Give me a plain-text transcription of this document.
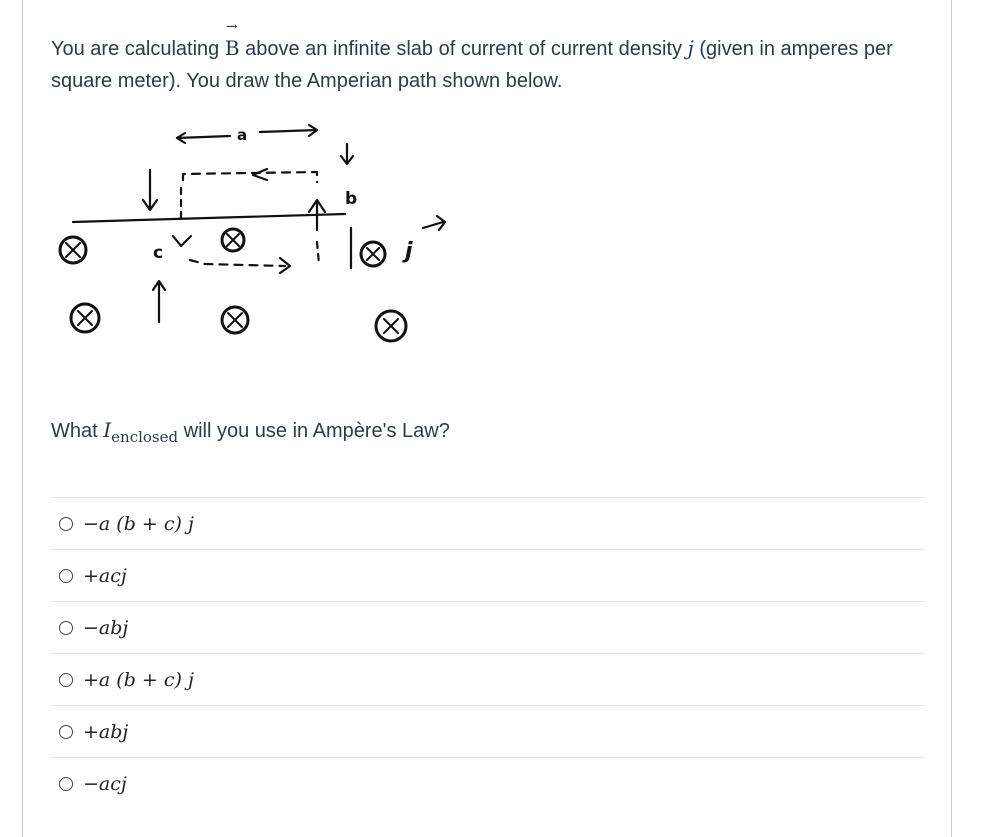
You are calculating
→
B above an infinite slab of current of current density j (given in amperes per square meter). You draw the Amperian path shown below.
a
b
c	j
What $I_{enclosed}$ will you use in Ampère's Law?
−a (b + c) j
+acj
−abj
+a (b + c) j
+abj
−acj
